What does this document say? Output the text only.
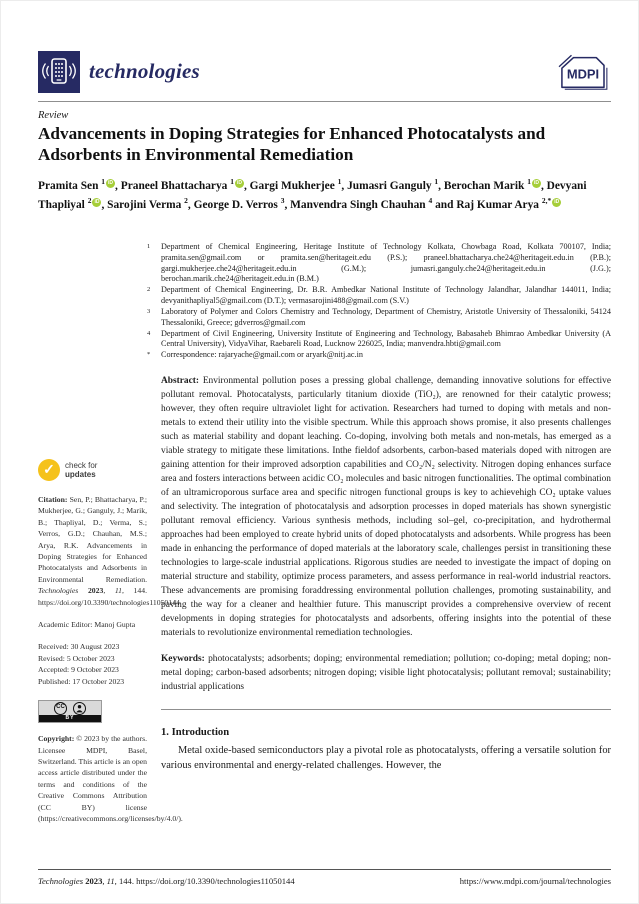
technologies	MDPI
Review
Advancements in Doping Strategies for Enhanced Photocatalysts and Adsorbents in Environmental Remediation
Pramita Sen $^1$ iD , Praneel Bhattacharya $^1$ iD , Gargi Mukherjee $^1$, Jumasri Ganguly $^1$, Berochan Marik $^1$ iD , Devyani Thapliyal $^2$ iD , Sarojini Verma $^2$, George D. Verros $^3$, Manvendra Singh Chauhan $^4$ and Raj Kumar Arya $^{2,*}$ iD
1	Department of Chemical Engineering, Heritage Institute of Technology Kolkata, Chowbaga Road, Kolkata 700107, India; pramita.sen@gmail.com or pramita.sen@heritageit.edu (P.S.); praneel.bhattacharya.che24@heritageit.edu.in (P.B.); gargi.mukherjee.che24@heritageit.edu.in (G.M.); jumasri.ganguly.che24@heritageit.edu.in (J.G.); berochan.marik.che24@heritageit.edu.in (B.M.)
2	Department of Chemical Engineering, Dr. B.R. Ambedkar National Institute of Technology Jalandhar, Jalandhar 144011, India; devyanithapliyal5@gmail.com (D.T.); vermasarojini488@gmail.com (S.V.)
3	Laboratory of Polymer and Colors Chemistry and Technology, Department of Chemistry, Aristotle University of Thessaloniki, 54124 Thessaloniki, Greece; gdverros@gmail.com
4	Department of Civil Engineering, University Institute of Engineering and Technology, Babasaheb Bhimrao Ambedkar University (A Central University), VidyaVihar, Raebareli Road, Lucknow 226025, India; manvendra.hbti@gmail.com
*	Correspondence: rajaryache@gmail.com or aryark@nitj.ac.in
Abstract: Environmental pollution poses a pressing global challenge, demanding innovative solutions for effective pollutant removal. Photocatalysts, particularly titanium dioxide (TiO₂), are renowned for their catalytic prowess; however, they often require ultraviolet light for activation. Researchers had turned to doping with metals and non-metals to extend their utility into the visible spectrum. While this approach shows promise, it also presents challenges such as material stability and dopant leaching. Co-doping, involving both metals and non-metals, has emerged as a viable strategy to mitigate these limitations. Inthe fieldof adsorbents, carbon-based materials doped with nitrogen are gaining attention for their improved adsorption capabilities and CO₂/N₂ selectivity. Nitrogen doping enhances surface area and fosters interactions between acidic CO₂ molecules and basic nitrogen functionalities. The optimal combination of an ultramicroporous surface area and specific nitrogen functional groups is key to achievehigh CO₂ uptake values and selectivity. The integration of photocatalysis and adsorption processes in doped materials has shown synergistic pollutant removal efficiency. Various synthesis methods, including sol–gel, co-precipitation, and hydrothermal approaches had been employed to create hybrid units of doped photocatalysts and adsorbents. While progress has been made in enhancing the performance of doped materials at the laboratory scale, challenges persist in transitioning these technologies to large-scale industrial applications. Rigorous studies are needed to investigate the impact of doping on material structure and stability, optimize process parameters, and assess performance in real-world industrial reactors. These advancements are promising foraddressing environmental pollution challenges, promoting sustainability, and paving the way for a cleaner and healthier future. This manuscript provides a comprehensive overview of recent developments in doping strategies for photocatalysts and adsorbents, offering insights into the potential of these materials to revolutionize environmental remediation technologies.
Keywords: photocatalysts; adsorbents; doping; environmental remediation; pollution; co-doping; metal doping; non-metal doping; carbon-based adsorbents; nitrogen doping; visible light photocatalysis; pollutant removal; sustainability; industrial applications
1. Introduction
Metal oxide-based semiconductors play a pivotal role as photocatalysts, offering a versatile solution for various environmental and energy-related challenges. However, the
✓	check for
updates
Citation: Sen, P.; Bhattacharya, P.; Mukherjee, G.; Ganguly, J.; Marik, B.; Thapliyal, D.; Verma, S.; Verros, G.D.; Chauhan, M.S.; Arya, R.K. Advancements in Doping Strategies for Enhanced Photocatalysts and Adsorbents in Environmental Remediation. Technologies 2023, 11, 144. https://doi.org/10.3390/technologies11050144
Academic Editor: Manoj Gupta
Received: 30 August 2023
Revised: 5 October 2023
Accepted: 9 October 2023
Published: 17 October 2023
CC
BY
Copyright: © 2023 by the authors. Licensee MDPI, Basel, Switzerland. This article is an open access article distributed under the terms and conditions of the Creative Commons Attribution (CC BY) license (https://creativecommons.org/licenses/by/4.0/).
Technologies 2023, 11, 144. https://doi.org/10.3390/technologies11050144	https://www.mdpi.com/journal/technologies
